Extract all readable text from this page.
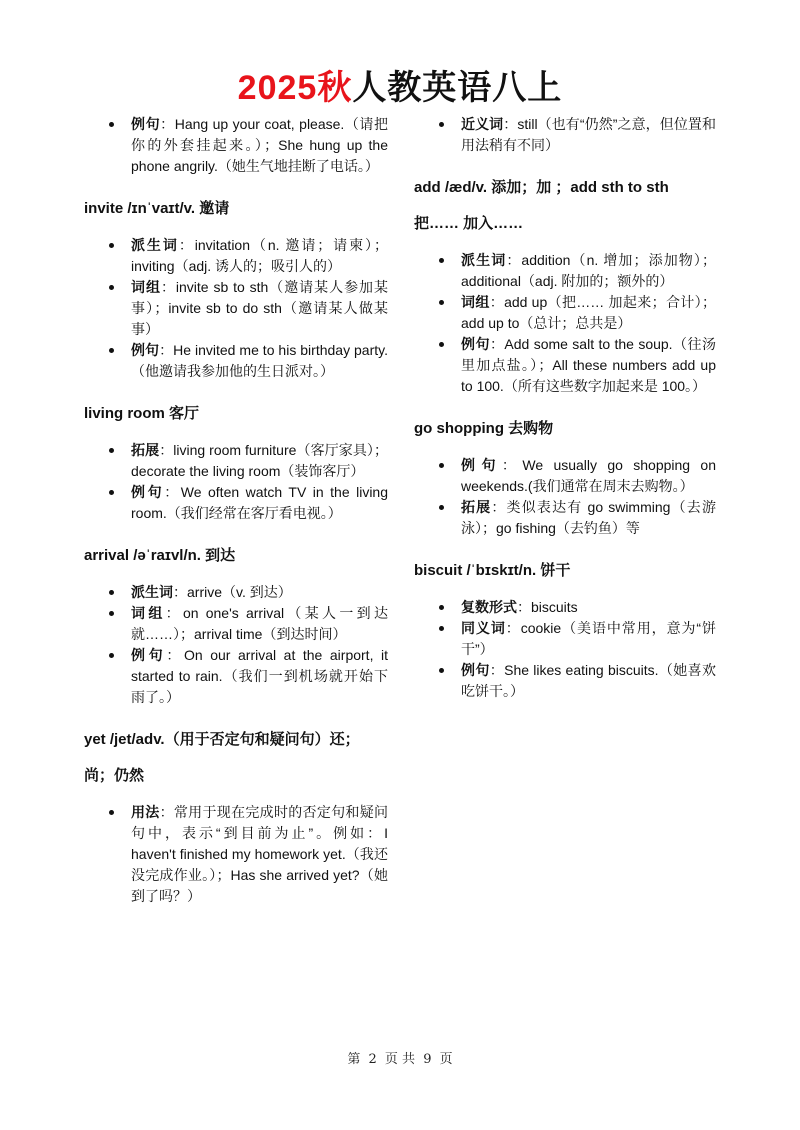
2025秋人教英语八上
例句：Hang up your coat, please.（请把你的外套挂起来。）；She hung up the phone angrily.（她生气地挂断了电话。）
invite /ɪnˈvaɪt/v. 邀请
派生词：invitation（n. 邀请；请柬）；inviting（adj. 诱人的；吸引人的）
词组：invite sb to sth（邀请某人参加某事）；invite sb to do sth（邀请某人做某事）
例句：He invited me to his birthday party.（他邀请我参加他的生日派对。）
living room 客厅
拓展：living room furniture（客厅家具）；decorate the living room（装饰客厅）
例句：We often watch TV in the living room.（我们经常在客厅看电视。）
arrival /əˈraɪvl/n. 到达
派生词：arrive（v. 到达）
词组：on one's arrival（某人一到达就……）；arrival time（到达时间）
例句：On our arrival at the airport, it started to rain.（我们一到机场就开始下雨了。）
yet /jet/adv.（用于否定句和疑问句）还；尚；仍然
用法：常用于现在完成时的否定句和疑问句中，表示“到目前为止”。例如：I haven't finished my homework yet.（我还没完成作业。）；Has she arrived yet?（她到了吗？）
近义词：still（也有“仍然”之意，但位置和用法稍有不同）
add /æd/v. 添加；加 ；add sth to sth 把…… 加入……
派生词：addition（n. 增加；添加物）；additional（adj. 附加的；额外的）
词组：add up（把…… 加起来；合计）；add up to（总计；总共是）
例句：Add some salt to the soup.（往汤里加点盐。）；All these numbers add up to 100.（所有这些数字加起来是 100。）
go shopping 去购物
例句：We usually go shopping on weekends.(我们通常在周末去购物。）
拓展：类似表达有 go swimming（去游泳）；go fishing（去钓鱼）等
biscuit /ˈbɪskɪt/n. 饼干
复数形式：biscuits
同义词：cookie（美语中常用，意为“饼干”）
例句：She likes eating biscuits.（她喜欢吃饼干。）
第 2 页 共 9 页
